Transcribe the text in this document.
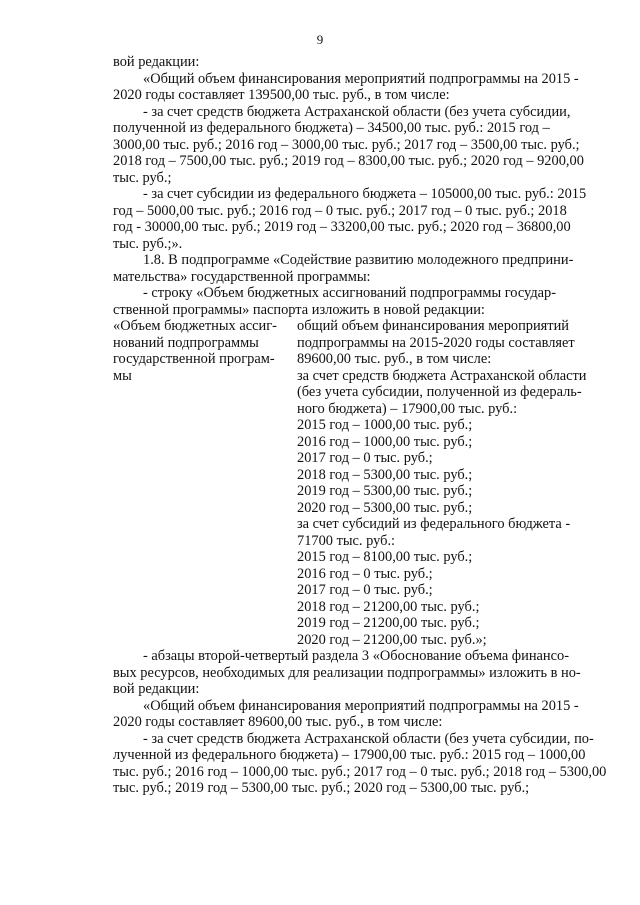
9

вой редакции:

«Общий объем финансирования мероприятий подпрограммы на 2015 -

2020 годы составляет 139500,00 тыс. руб., в том числе:

- за счет средств бюджета Астраханской области (без учета субсидии,

полученной из федерального бюджета) – 34500,00 тыс. руб.: 2015 год –

3000,00 тыс. руб.; 2016 год – 3000,00 тыс. руб.; 2017 год – 3500,00 тыс. руб.;

2018 год – 7500,00 тыс. руб.; 2019 год – 8300,00 тыс. руб.; 2020 год – 9200,00

тыс. руб.;

- за счет субсидии из федерального бюджета – 105000,00 тыс. руб.: 2015

год – 5000,00 тыс. руб.; 2016 год – 0 тыс. руб.; 2017 год – 0 тыс. руб.; 2018

год - 30000,00 тыс. руб.; 2019 год – 33200,00 тыс. руб.; 2020 год – 36800,00

тыс. руб.;».

1.8. В подпрограмме «Содействие развитию молодежного предприни-

мательства» государственной программы:

- строку «Объем бюджетных ассигнований подпрограммы государ-

ственной программы» паспорта изложить в новой редакции:

«Объем бюджетных ассиг-

нований подпрограммы

государственной програм-

мы

общий объем финансирования мероприятий

подпрограммы на 2015-2020 годы составляет

89600,00 тыс. руб., в том числе:

за счет средств бюджета Астраханской области

(без учета субсидии, полученной из федераль-

ного бюджета) – 17900,00 тыс. руб.:

2015 год – 1000,00 тыс. руб.;

2016 год – 1000,00 тыс. руб.;

2017 год – 0 тыс. руб.;

2018 год – 5300,00 тыс. руб.;

2019 год – 5300,00 тыс. руб.;

2020 год – 5300,00 тыс. руб.;

за счет субсидий из федерального бюджета -

71700 тыс. руб.:

2015 год – 8100,00 тыс. руб.;

2016 год – 0 тыс. руб.;

2017 год – 0 тыс. руб.;

2018 год – 21200,00 тыс. руб.;

2019 год – 21200,00 тыс. руб.;

2020 год – 21200,00 тыс. руб.»;

- абзацы второй-четвертый раздела 3 «Обоснование объема финансо-

вых ресурсов, необходимых для реализации подпрограммы» изложить в но-

вой редакции:

«Общий объем финансирования мероприятий подпрограммы на 2015 -

2020 годы составляет 89600,00 тыс. руб., в том числе:

- за счет средств бюджета Астраханской области (без учета субсидии, по-

лученной из федерального бюджета) – 17900,00 тыс. руб.: 2015 год – 1000,00

тыс. руб.; 2016 год – 1000,00 тыс. руб.; 2017 год – 0 тыс. руб.; 2018 год – 5300,00

тыс. руб.; 2019 год – 5300,00 тыс. руб.; 2020 год – 5300,00 тыс. руб.;
